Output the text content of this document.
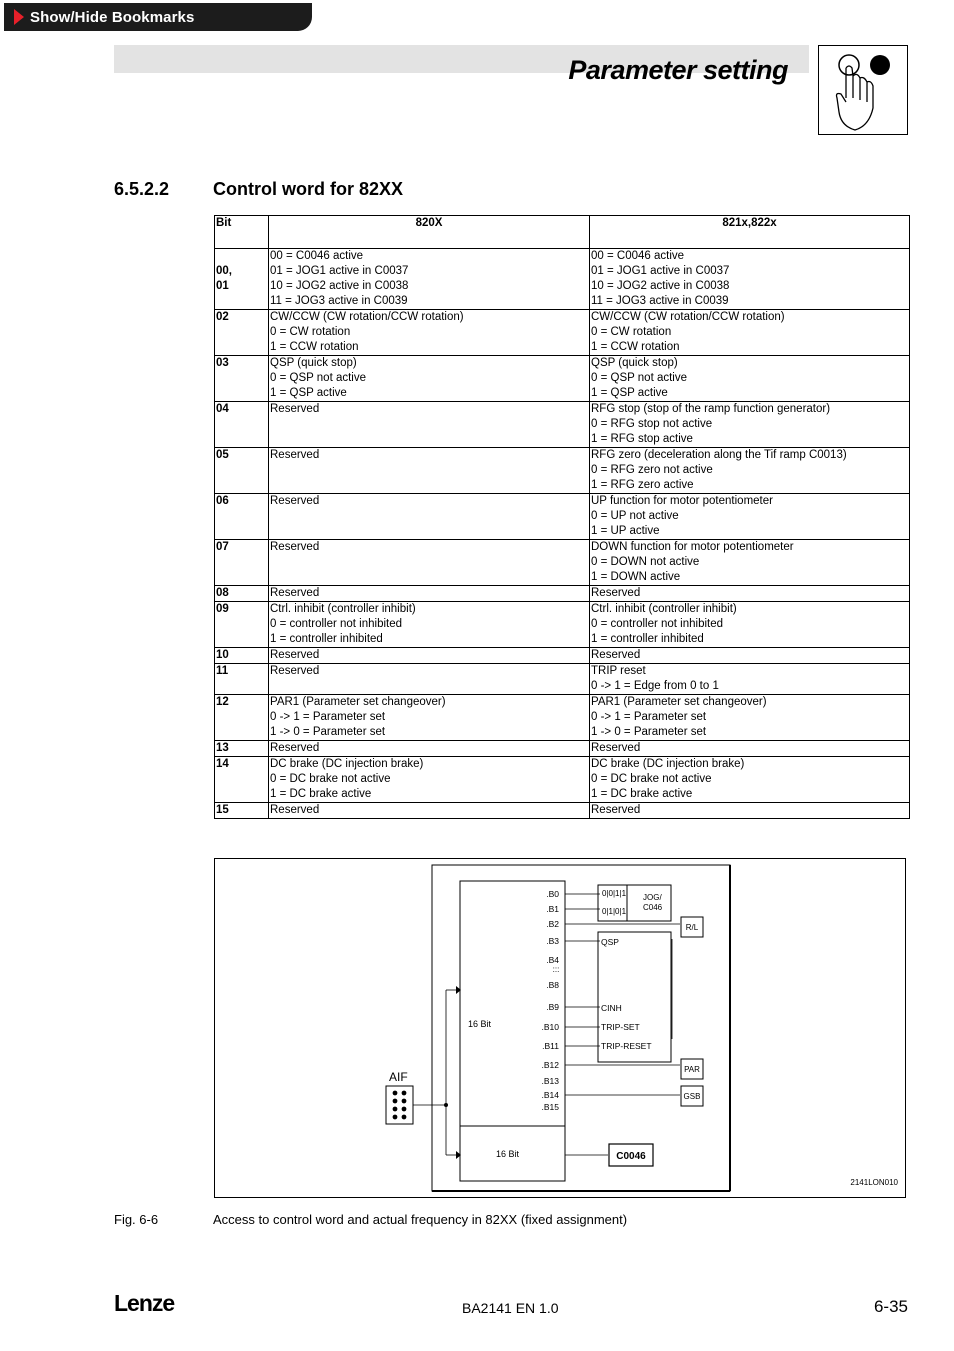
Show/Hide Bookmarks
Parameter setting
6.5.2.2 Control word for 82XX
Bit	820X	821x,822x

00,
01	00 = C0046 active
01 = JOG1 active in C0037
10 = JOG2 active in C0038
11 = JOG3 active in C0039	00 = C0046 active
01 = JOG1 active in C0037
10 = JOG2 active in C0038
11 = JOG3 active in C0039

02	CW/CCW (CW rotation/CCW rotation)
0 = CW rotation
1 = CCW rotation	CW/CCW (CW rotation/CCW rotation)
0 = CW rotation
1 = CCW rotation

03	QSP (quick stop)
0 = QSP not active
1 = QSP active	QSP (quick stop)
0 = QSP not active
1 = QSP active

04	Reserved	RFG stop (stop of the ramp function generator)
0 = RFG stop not active
1 = RFG stop active

05	Reserved	RFG zero (deceleration along the Tif ramp C0013)
0 = RFG zero not active
1 = RFG zero active

06	Reserved	UP function for motor potentiometer
0 = UP not active
1 = UP active

07	Reserved	DOWN function for motor potentiometer
0 = DOWN not active
1 = DOWN active

08	Reserved	Reserved

09	Ctrl. inhibit (controller inhibit)
0 = controller not inhibited
1 = controller inhibited	Ctrl. inhibit (controller inhibit)
0 = controller not inhibited
1 = controller inhibited

10	Reserved	Reserved

11	Reserved	TRIP reset
0 -> 1 = Edge from 0 to 1

12	PAR1 (Parameter set changeover)
0 -> 1 = Parameter set
1 -> 0 = Parameter set	PAR1 (Parameter set changeover)
0 -> 1 = Parameter set
1 -> 0 = Parameter set

13	Reserved	Reserved

14	DC brake (DC injection brake)
0 = DC brake not active
1 = DC brake active	DC brake (DC injection brake)
0 = DC brake not active
1 = DC brake active

15	Reserved	Reserved
16 Bit
16 Bit
.B0
.B1
.B2
.B3
.B4
.B8
.B9
.B10
.B11
.B12
.B13
.B14
.B15
:::
0|0|1|1
0|1|0|1
JOG/
C046
QSP
CINH
TRIP-SET
TRIP-RESET
R/L
PAR
GSB
C0046
AIF
2141LON010
Fig. 6-6	Access to control word and actual frequency in 82XX (fixed assignment)
Lenze	BA2141 EN 1.0	6-35
